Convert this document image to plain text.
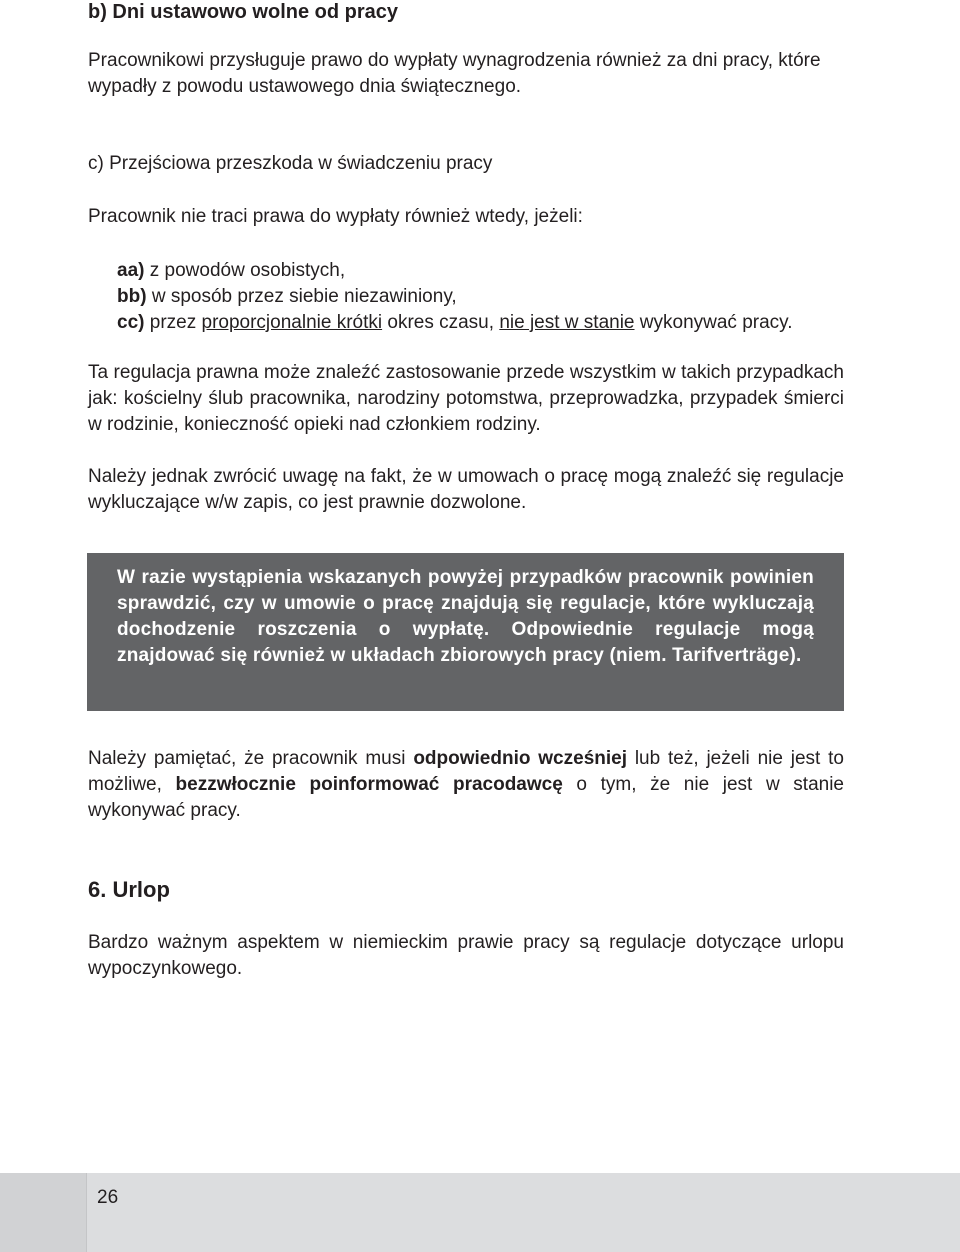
b) Dni ustawowo wolne od pracy

Pracownikowi przysługuje prawo do wypłaty wynagrodzenia również za dni pracy, które wypadły z powodu ustawowego dnia świątecznego.

c) Przejściowa przeszkoda w świadczeniu pracy

Pracownik nie traci prawa do wypłaty również wtedy, jeżeli:

aa) z powodów osobistych,
bb) w sposób przez siebie niezawiniony,
cc) przez proporcjonalnie krótki okres czasu, nie jest w stanie wykonywać pracy.

Ta regulacja prawna może znaleźć zastosowanie przede wszystkim w takich przypadkach jak: kościelny ślub pracownika, narodziny potomstwa, przeprowadzka, przypadek śmierci w rodzinie, konieczność opieki nad członkiem rodziny.

Należy jednak zwrócić uwagę na fakt, że w umowach o pracę mogą znaleźć się regulacje wykluczające w/w zapis, co jest prawnie dozwolone.

W razie wystąpienia wskazanych powyżej przypadków pracownik powinien sprawdzić, czy w umowie o pracę znajdują się regulacje, które wykluczają dochodzenie roszczenia o wypłatę. Odpowiednie regulacje mogą znajdować się również w układach zbiorowych pracy (niem. Tarifverträge).

Należy pamiętać, że pracownik musi odpowiednio wcześniej lub też, jeżeli nie jest to możliwe, bezzwłocznie poinformować pracodawcę o tym, że nie jest w stanie wykonywać pracy.

6. Urlop

Bardzo ważnym aspektem w niemieckim prawie pracy są regulacje dotyczące urlopu wypoczynkowego.

26
